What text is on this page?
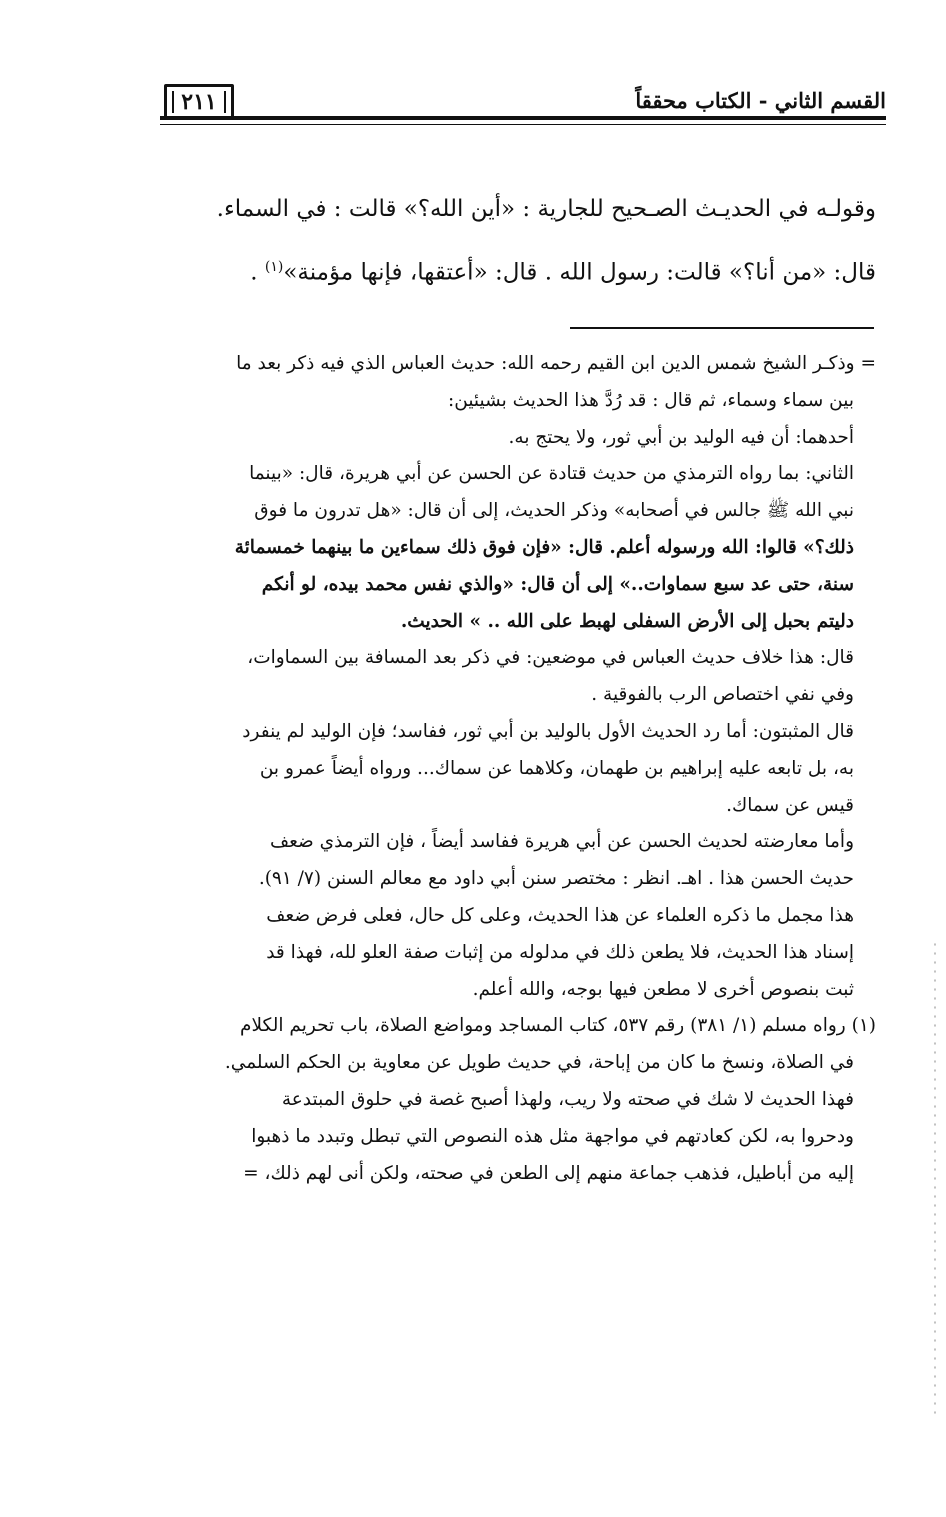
القسم الثاني - الكتاب محققاً
٢١١

وقولـه في الحديـث الصـحيح للجارية : «أين الله؟» قالت : في السماء.

قال: «من أنا؟» قالت: رسول الله . قال: «أعتقها، فإنها مؤمنة»$^{(١)}$ .

= وذكـر الشيخ شمس الدين ابن القيم رحمه الله: حديث العباس الذي فيه ذكر بعد ما

بين سماء وسماء، ثم قال : قد رُدَّ هذا الحديث بشيئين:

أحدهما: أن فيه الوليد بن أبي ثور، ولا يحتج به.

الثاني: بما رواه الترمذي من حديث قتادة عن الحسن عن أبي هريرة، قال: «بينما

نبي الله ﷺ جالس في أصحابه» وذكر الحديث، إلى أن قال: «هل تدرون ما فوق

ذلك؟» قالوا: الله ورسوله أعلم. قال: «فإن فوق ذلك سماءين ما بينهما خمسمائة

سنة، حتى عد سبع سماوات..» إلى أن قال: «والذي نفس محمد بيده، لو أنكم

دليتم بحبل إلى الأرض السفلى لهبط على الله .. » الحديث.

قال: هذا خلاف حديث العباس في موضعين: في ذكر بعد المسافة بين السماوات،

وفي نفي اختصاص الرب بالفوقية .

قال المثبتون: أما رد الحديث الأول بالوليد بن أبي ثور، ففاسد؛ فإن الوليد لم ينفرد

به، بل تابعه عليه إبراهيم بن طهمان، وكلاهما عن سماك... ورواه أيضاً عمرو بن

قيس عن سماك.

وأما معارضته لحديث الحسن عن أبي هريرة ففاسد أيضاً ، فإن الترمذي ضعف

حديث الحسن هذا . اهـ. انظر : مختصر سنن أبي داود مع معالم السنن (٧/ ٩١).

هذا مجمل ما ذكره العلماء عن هذا الحديث، وعلى كل حال، فعلى فرض ضعف

إسناد هذا الحديث، فلا يطعن ذلك في مدلوله من إثبات صفة العلو لله، فهذا قد

ثبت بنصوص أخرى لا مطعن فيها بوجه، والله أعلم.

(١) رواه مسلم (١/ ٣٨١) رقم ٥٣٧، كتاب المساجد ومواضع الصلاة، باب تحريم الكلام

في الصلاة، ونسخ ما كان من إباحة، في حديث طويل عن معاوية بن الحكم السلمي.

فهذا الحديث لا شك في صحته ولا ريب، ولهذا أصبح غصة في حلوق المبتدعة

ودحروا به، لكن كعادتهم في مواجهة مثل هذه النصوص التي تبطل وتبدد ما ذهبوا

إليه من أباطيل، فذهب جماعة منهم إلى الطعن في صحته، ولكن أنى لهم ذلك، =
